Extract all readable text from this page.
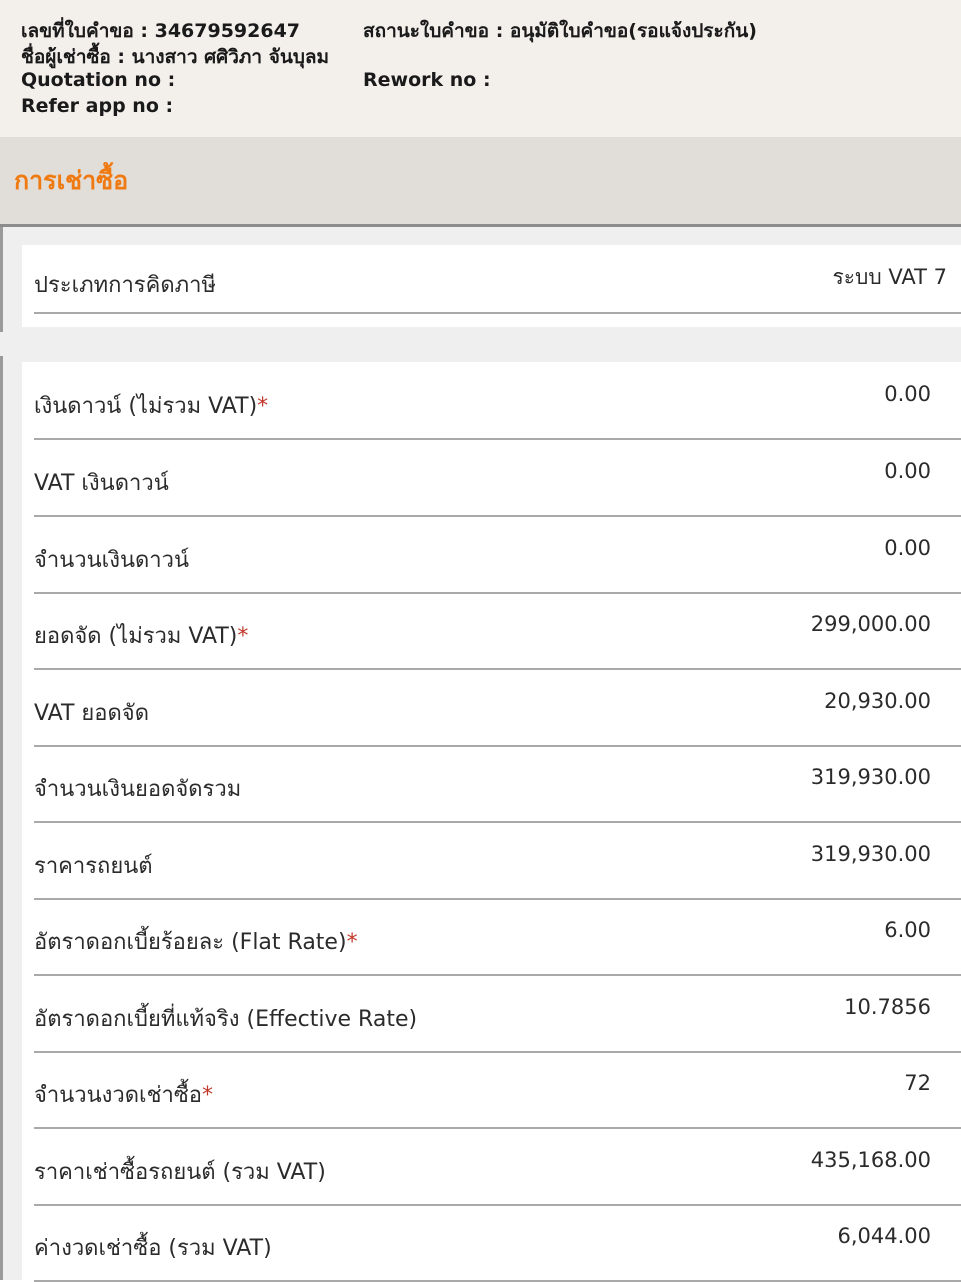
เลขที่ใบคำขอ : 34679592647	สถานะใบคำขอ : อนุมัติใบคำขอ(รอแจ้งประกัน)
ชื่อผู้เช่าซื้อ : นางสาว ศศิวิภา จันบุลม
Quotation no :	Rework no :
Refer app no :
การเช่าซื้อ
ประเภทการคิดภาษี	ระบบ VAT 7
เงินดาวน์ (ไม่รวม VAT)*	0.00
VAT เงินดาวน์	0.00
จำนวนเงินดาวน์	0.00
ยอดจัด (ไม่รวม VAT)*	299,000.00
VAT ยอดจัด	20,930.00
จำนวนเงินยอดจัดรวม	319,930.00
ราคารถยนต์	319,930.00
อัตราดอกเบี้ยร้อยละ (Flat Rate)*	6.00
อัตราดอกเบี้ยที่แท้จริง (Effective Rate)	10.7856
จำนวนงวดเช่าซื้อ*	72
ราคาเช่าซื้อรถยนต์ (รวม VAT)	435,168.00
ค่างวดเช่าซื้อ (รวม VAT)	6,044.00
